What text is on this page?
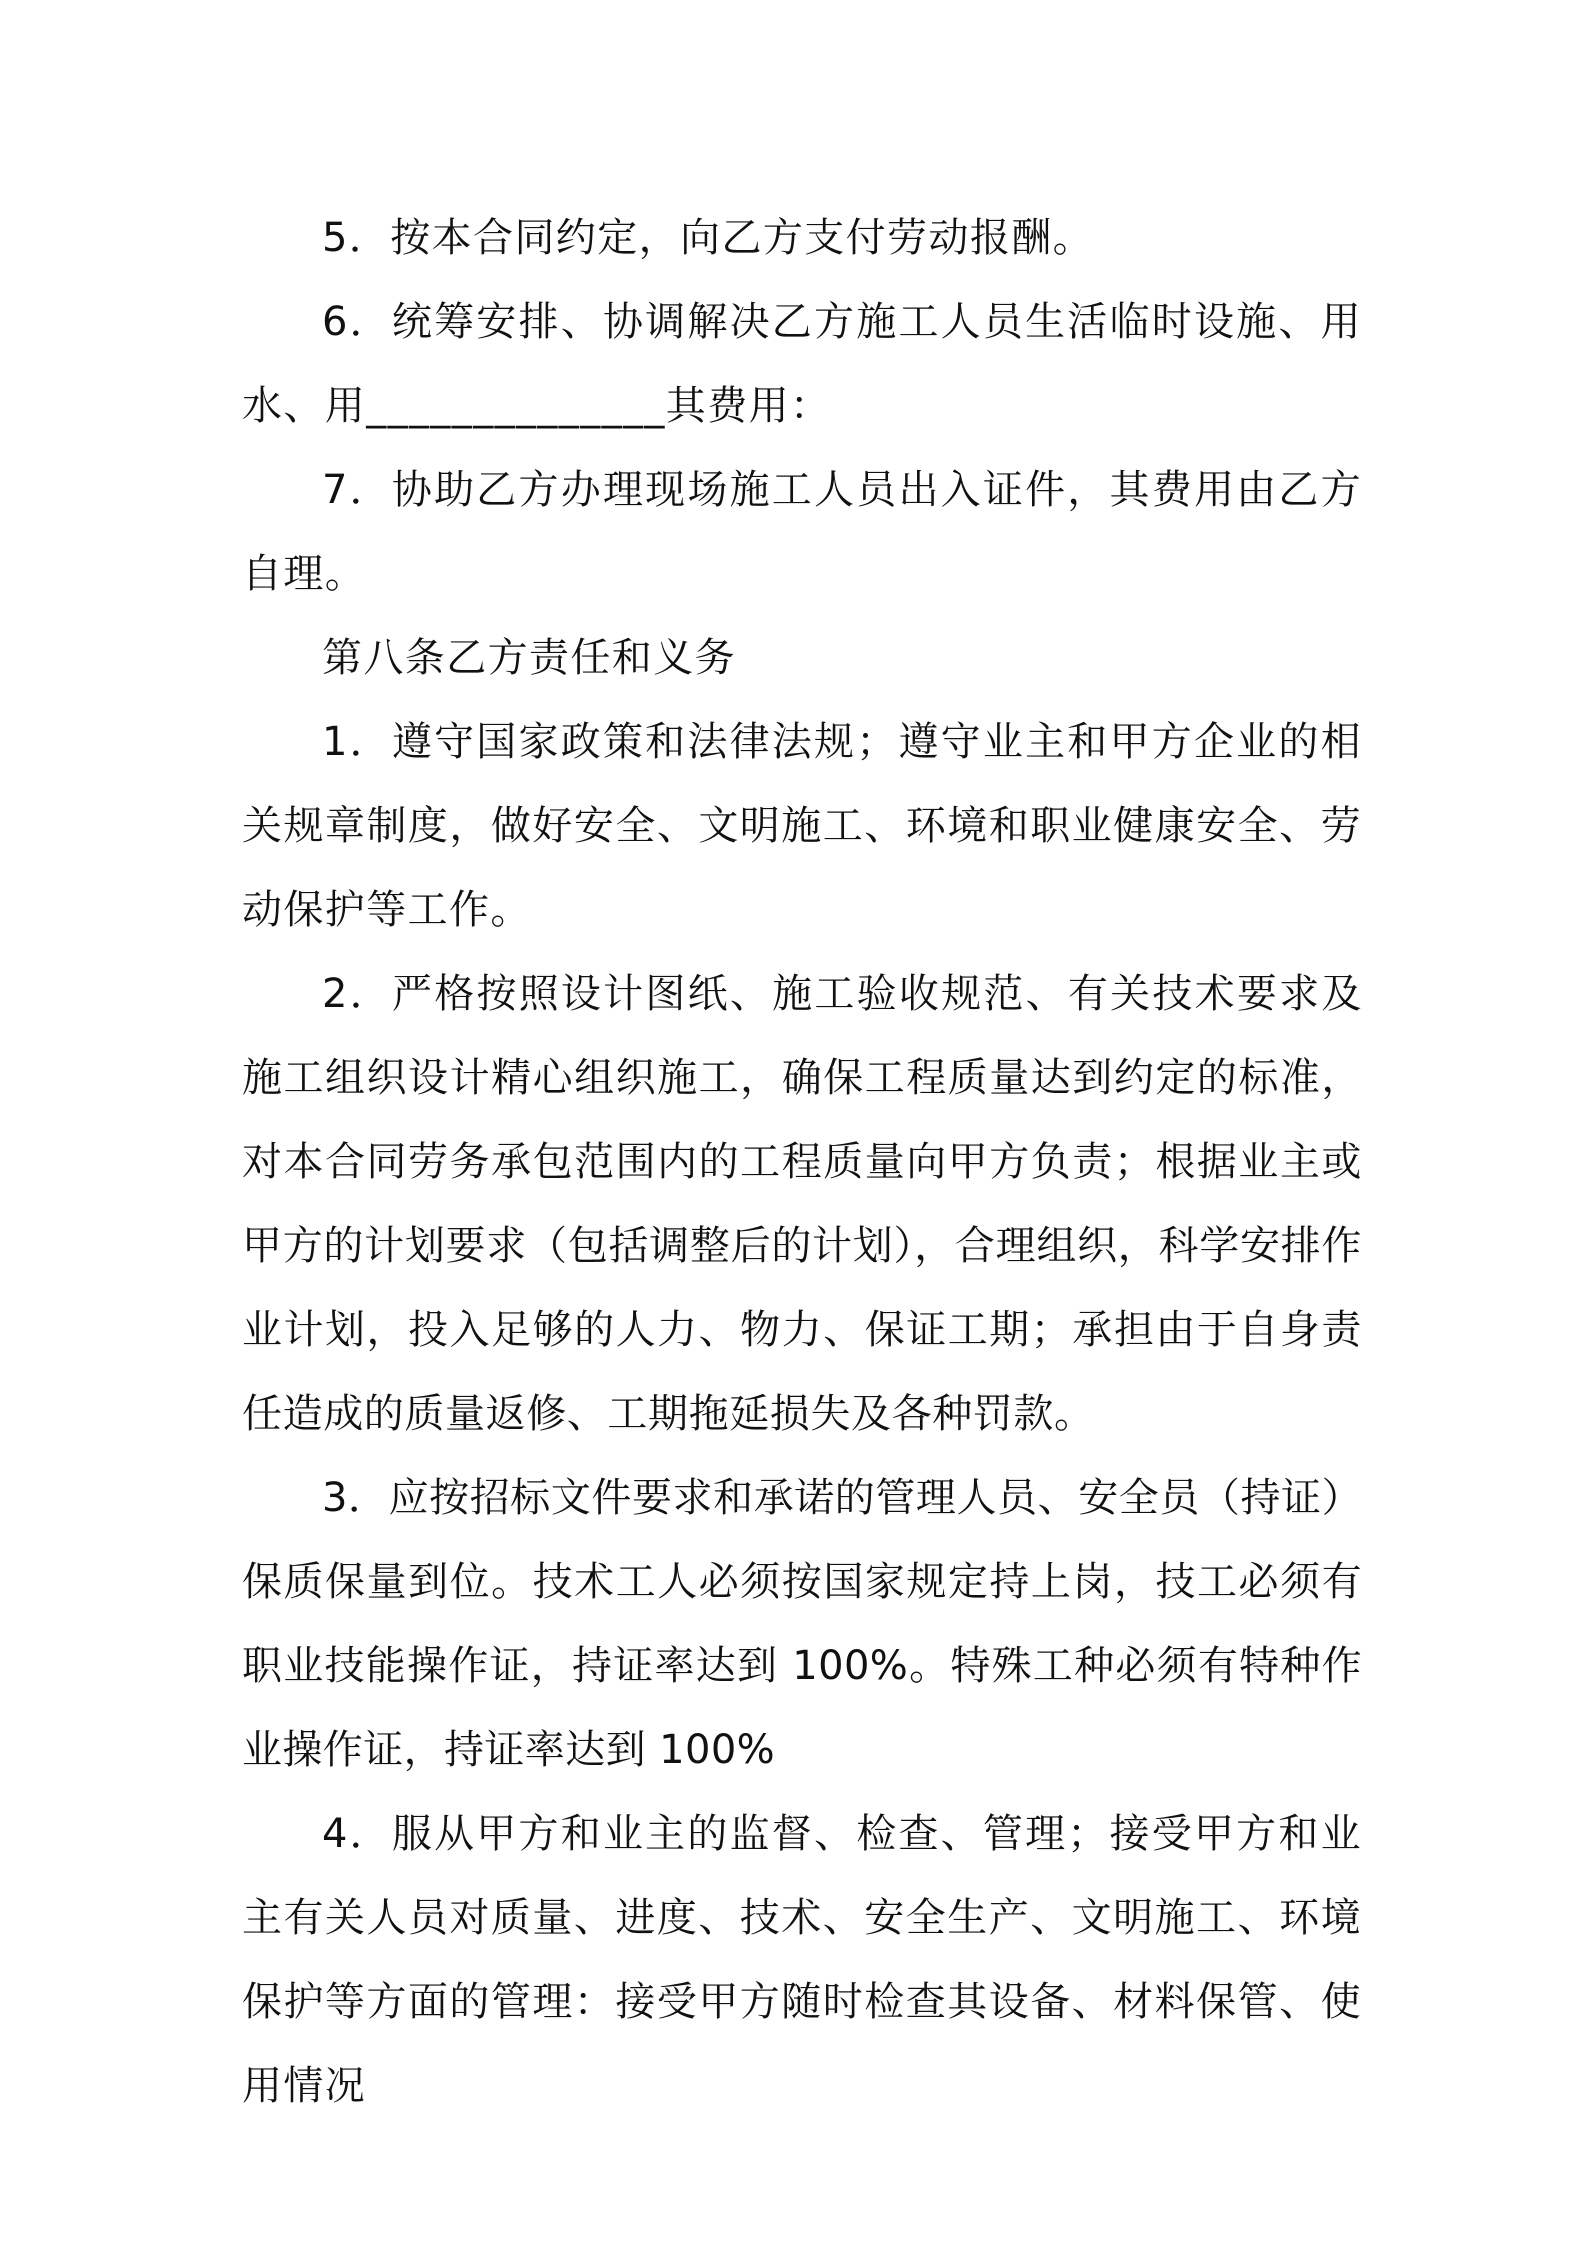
5．按本合同约定，向乙方支付劳动报酬。

6．统筹安排、协调解决乙方施工人员生活临时设施、用水、用______________其费用：

7．协助乙方办理现场施工人员出入证件，其费用由乙方自理。

第八条乙方责任和义务

1．遵守国家政策和法律法规；遵守业主和甲方企业的相关规章制度，做好安全、文明施工、环境和职业健康安全、劳动保护等工作。

2．严格按照设计图纸、施工验收规范、有关技术要求及施工组织设计精心组织施工，确保工程质量达到约定的标准，对本合同劳务承包范围内的工程质量向甲方负责；根据业主或甲方的计划要求（包括调整后的计划），合理组织，科学安排作业计划，投入足够的人力、物力、保证工期；承担由于自身责任造成的质量返修、工期拖延损失及各种罚款。

3．应按招标文件要求和承诺的管理人员、安全员（持证）保质保量到位。技术工人必须按国家规定持上岗，技工必须有职业技能操作证，持证率达到 100%。特殊工种必须有特种作业操作证，持证率达到 100%

4．服从甲方和业主的监督、检查、管理；接受甲方和业主有关人员对质量、进度、技术、安全生产、文明施工、环境保护等方面的管理：接受甲方随时检查其设备、材料保管、使用情况
